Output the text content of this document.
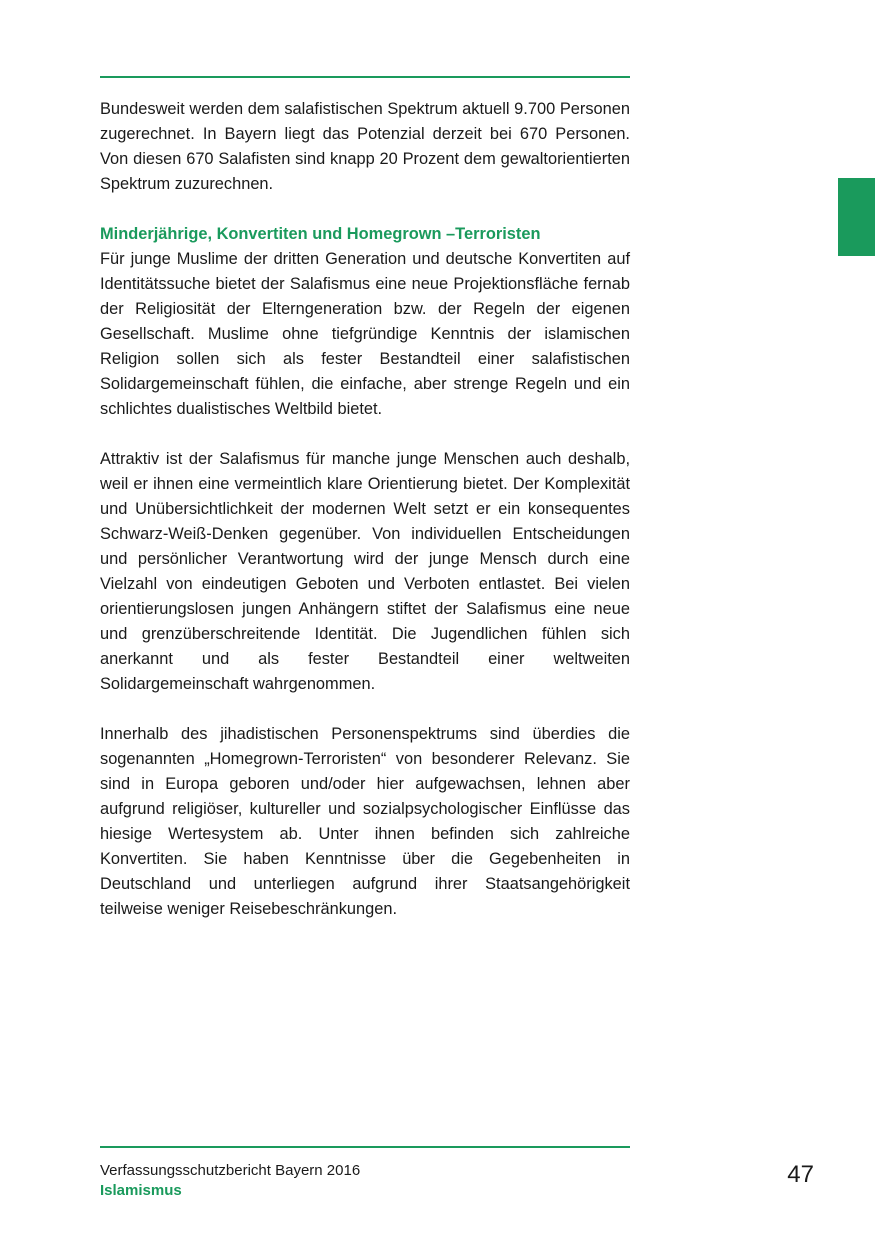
Bundesweit werden dem salafistischen Spektrum aktuell 9.700 Personen zugerechnet. In Bayern liegt das Potenzial derzeit bei 670 Personen. Von diesen 670 Salafisten sind knapp 20 Prozent dem gewaltorientierten Spektrum zuzurechnen.

Minderjährige, Konvertiten und Homegrown –Terroristen

Für junge Muslime der dritten Generation und deutsche Konvertiten auf Identitätssuche bietet der Salafismus eine neue Projektionsfläche fernab der Religiosität der Elterngeneration bzw. der Regeln der eigenen Gesellschaft. Muslime ohne tiefgründige Kenntnis der islamischen Religion sollen sich als fester Bestandteil einer salafistischen Solidargemeinschaft fühlen, die einfache, aber strenge Regeln und ein schlichtes dualistisches Weltbild bietet.

Attraktiv ist der Salafismus für manche junge Menschen auch deshalb, weil er ihnen eine vermeintlich klare Orientierung bietet. Der Komplexität und Unübersichtlichkeit der modernen Welt setzt er ein konsequentes Schwarz-Weiß-Denken gegenüber. Von individuellen Entscheidungen und persönlicher Verantwortung wird der junge Mensch durch eine Vielzahl von eindeutigen Geboten und Verboten entlastet. Bei vielen orientierungslosen jungen Anhängern stiftet der Salafismus eine neue und grenzüberschreitende Identität. Die Jugendlichen fühlen sich anerkannt und als fester Bestandteil einer weltweiten Solidargemeinschaft wahrgenommen.

Innerhalb des jihadistischen Personenspektrums sind überdies die sogenannten „Homegrown-Terroristen“ von besonderer Relevanz. Sie sind in Europa geboren und/oder hier aufgewachsen, lehnen aber aufgrund religiöser, kultureller und sozialpsychologischer Einflüsse das hiesige Wertesystem ab. Unter ihnen befinden sich zahlreiche Konvertiten. Sie haben Kenntnisse über die Gegebenheiten in Deutschland und unterliegen aufgrund ihrer Staatsangehörigkeit teilweise weniger Reisebeschränkungen.

Verfassungsschutzbericht Bayern 2016
Islamismus
47
